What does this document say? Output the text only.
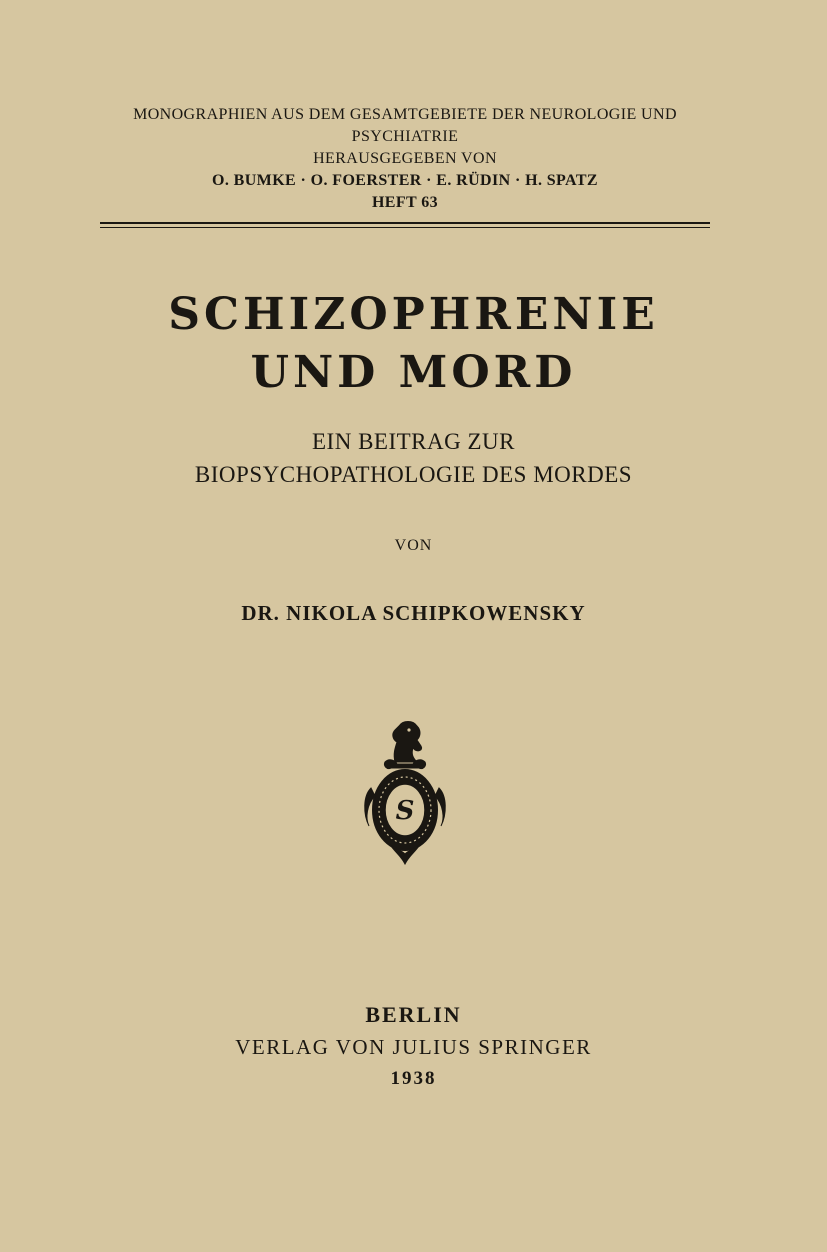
MONOGRAPHIEN AUS DEM GESAMTGEBIETE DER NEUROLOGIE UND
PSYCHIATRIE
HERAUSGEGEBEN VON
O. BUMKE · O. FOERSTER · E. RÜDIN · H. SPATZ
HEFT 63
SCHIZOPHRENIE
UND MORD
EIN BEITRAG ZUR
BIOPSYCHOPATHOLOGIE DES MORDES
VON
DR. NIKOLA SCHIPKOWENSKY
S
BERLIN
VERLAG VON JULIUS SPRINGER
1938
